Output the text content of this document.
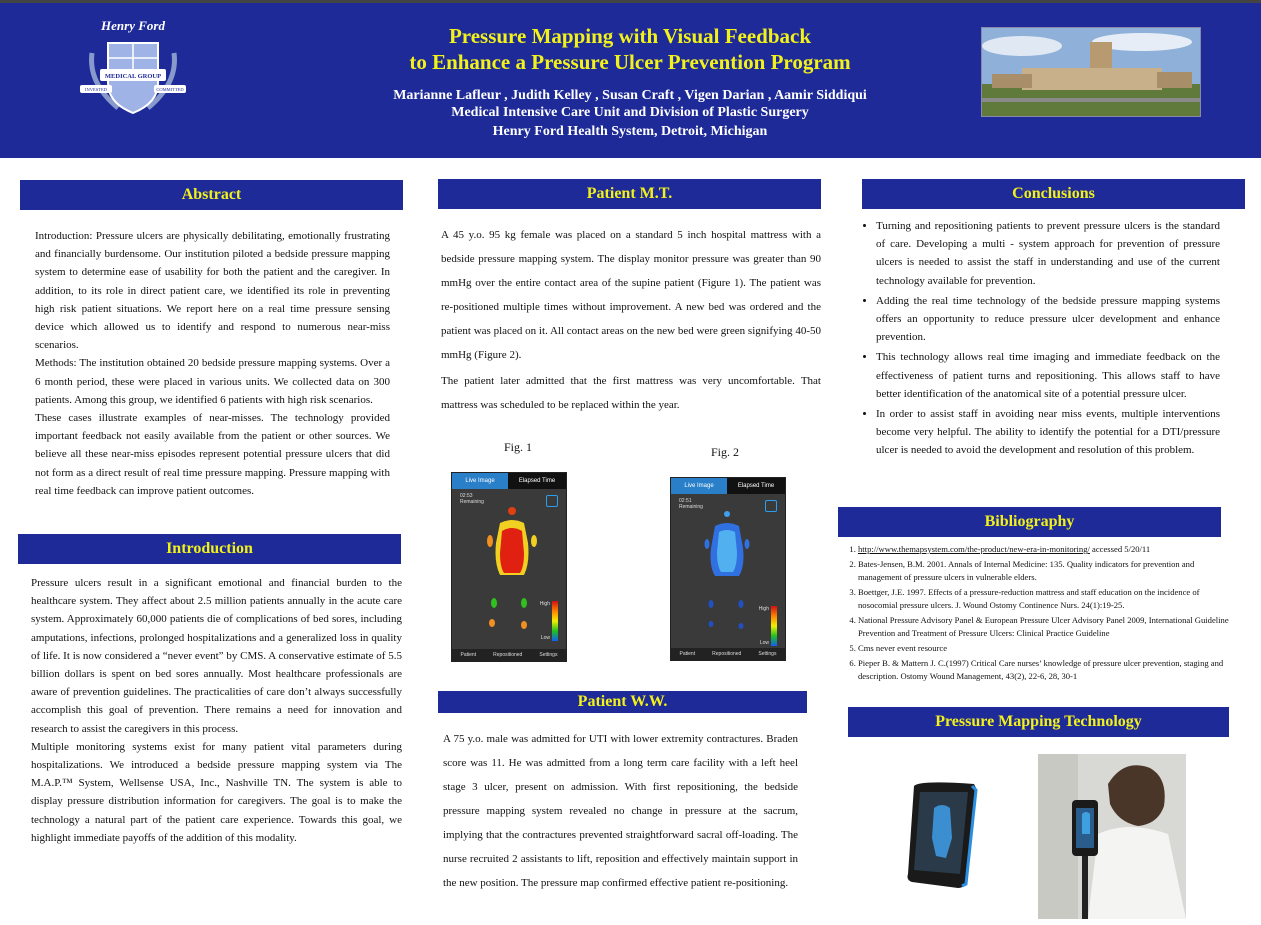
MEDICAL GROUP
INVESTED	COMMITTED
Henry Ford	Pressure Mapping with Visual Feedback
to Enhance a Pressure Ulcer Prevention Program
Marianne Lafleur , Judith Kelley , Susan Craft , Vigen Darian , Aamir Siddiqui
Medical Intensive Care Unit and Division of Plastic Surgery
Henry Ford Health System, Detroit, Michigan
Abstract

Introduction: Pressure ulcers are physically debilitating, emotionally frustrating and financially burdensome. Our institution piloted a bedside pressure mapping system to determine ease of usability for both the patient and the caregiver. In addition, to its role in direct patient care, we identified its role in preventing high risk patient situations. We report here on a real time pressure sensing device which allowed us to identify and respond to numerous near-miss scenarios.

Methods: The institution obtained 20 bedside pressure mapping systems. Over a 6 month period, these were placed in various units. We collected data on 300 patients. Among this group, we identified 6 patients with high risk scenarios.

These cases illustrate examples of near-misses. The technology provided important feedback not easily available from the patient or other sources. We believe all these near-miss episodes represent potential pressure ulcers that did not form as a direct result of real time pressure mapping. Pressure mapping with real time feedback can improve patient outcomes.

Introduction

Pressure ulcers result in a significant emotional and financial burden to the healthcare system. They affect about 2.5 million patients annually in the acute care system. Approximately 60,000 patients die of complications of bed sores, including amputations, infections, prolonged hospitalizations and a generalized loss in quality of life. It is now considered a “never event” by CMS. A conservative estimate of 5.5 billion dollars is spent on bed sores annually. Most healthcare professionals are aware of prevention guidelines. The practicalities of care don’t always successfully accomplish this goal of prevention. There remains a need for innovation and research to assist the caregivers in this process.

Multiple monitoring systems exist for many patient vital parameters during hospitalizations. We introduced a bedside pressure mapping system via The M.A.P.™ System, Wellsense USA, Inc., Nashville TN. The system is able to display pressure distribution information for caregivers. The goal is to make the technology a natural part of the patient care experience. Towards this goal, we highlight immediate payoffs of the addition of this modality.

Patient M.T.

A 45 y.o. 95 kg female was placed on a standard 5 inch hospital mattress with a bedside pressure mapping system. The display monitor pressure was greater than 90 mmHg over the entire contact area of the supine patient (Figure 1). The patient was re-positioned multiple times without improvement. A new bed was ordered and the patient was placed on it. All contact areas on the new bed were green signifying 40-50 mmHg (Figure 2).

The patient later admitted that the first mattress was very uncomfortable. That mattress was scheduled to be replaced within the year.

Fig. 1	Fig. 2
Live Image	Elapsed Time
02:53
Remaining
High
Low
Patient	Repositioned	Settings
Live Image	Elapsed Time
02:51
Remaining
High
Low
Patient	Repositioned	Settings
Patient W.W.

A 75 y.o. male was admitted for UTI with lower extremity contractures. Braden score was 11. He was admitted from a long term care facility with a left heel stage 3 ulcer, present on admission. With first repositioning, the bedside pressure mapping system revealed no change in pressure at the sacrum, implying that the contractures prevented straightforward sacral off-loading. The nurse recruited 2 assistants to lift, reposition and effectively maintain support in the new position. The pressure map confirmed effective patient re-positioning.

Conclusions
• Turning and repositioning patients to prevent pressure ulcers is the standard of care. Developing a multi - system approach for prevention of pressure ulcers is needed to assist the staff in understanding and use of the current technology available for prevention.
• Adding the real time technology of the bedside pressure mapping systems offers an opportunity to reduce pressure ulcer development and enhance prevention.
• This technology allows real time imaging and immediate feedback on the effectiveness of patient turns and repositioning. This allows staff to have better identification of the anatomical site of a potential pressure ulcer.
• In order to assist staff in avoiding near miss events, multiple interventions become very helpful. The ability to identify the potential for a DTI/pressure ulcer is needed to avoid the development and resolution of this problem.
Bibliography
1. http://www.themapsystem.com/the-product/new-era-in-monitoring/ accessed 5/20/11
2. Bates-Jensen, B.M. 2001. Annals of Internal Medicine: 135. Quality indicators for prevention and management of pressure ulcers in vulnerable elders.
3. Boettger, J.E. 1997. Effects of a pressure-reduction mattress and staff education on the incidence of nosocomial pressure ulcers. J. Wound Ostomy Continence Nurs. 24(1):19-25.
4. National Pressure Advisory Panel & European Pressure Ulcer Advisory Panel 2009, International Guideline Prevention and Treatment of Pressure Ulcers: Clinical Practice Guideline
5. Cms never event resource
6. Pieper B. & Mattern J. C.(1997) Critical Care nurses’ knowledge of pressure ulcer prevention, staging and description. Ostomy Wound Management, 43(2), 22-6, 28, 30-1
Pressure Mapping Technology
